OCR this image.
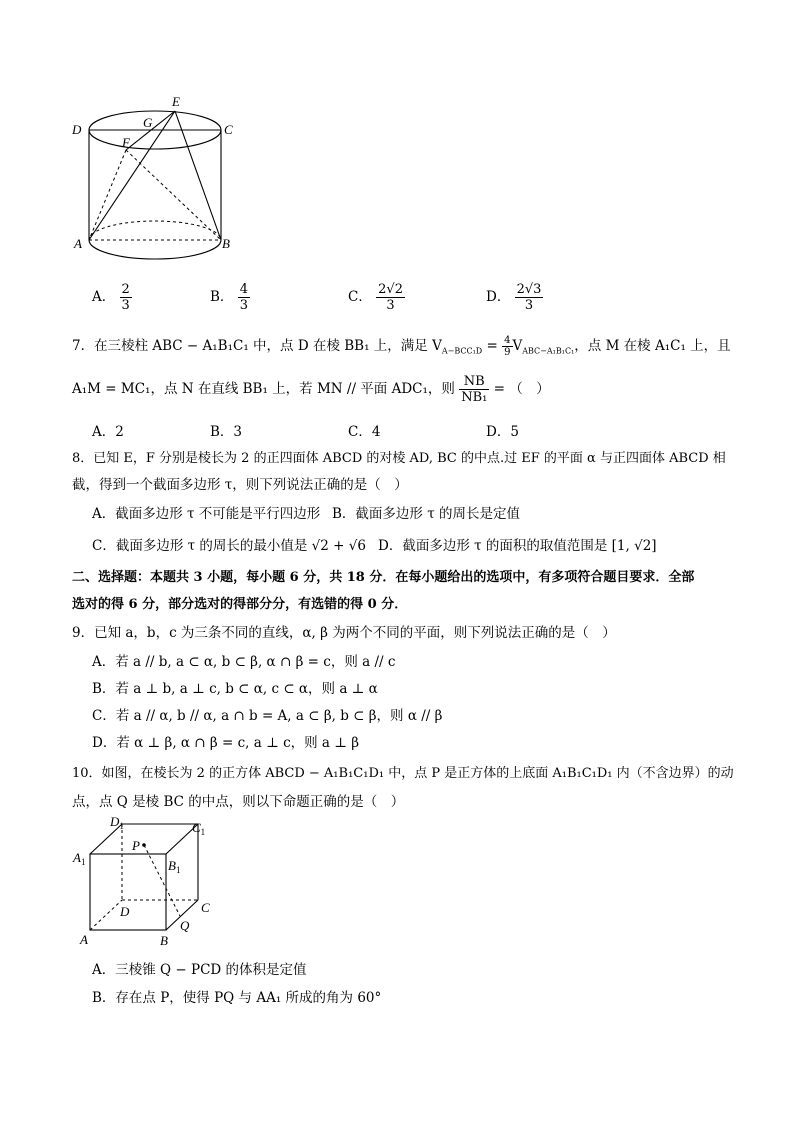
E
G
D	C
F
A	B
A． $\frac{2}{3}$	B． $\frac{4}{3}$	C． $\frac{2√2}{3}$	D． $\frac{2√3}{3}$
7．在三棱柱 ABC − A₁B₁C₁ 中，点 D 在棱 BB₁ 上，满足 $V_{A-BCC_1D} = \frac{4}{9} V_{ABC-A_1B_1C_1}$，点 M 在棱 A₁C₁ 上，且
A₁M = MC₁，点 N 在直线 BB₁ 上，若 MN // 平面 ADC₁，则 $\frac{NB}{\text{NB₁}}$ = （　）
A．2	B．3	C．4	D．5
8．已知 E，F 分别是棱长为 2 的正四面体 ABCD 的对棱 AD, BC 的中点.过 EF 的平面 α 与正四面体 ABCD 相
截，得到一个截面多边形 τ，则下列说法正确的是（　）
A．截面多边形 τ 不可能是平行四边形 B．截面多边形 τ 的周长是定值
C．截面多边形 τ 的周长的最小值是 √2 + √6 D．截面多边形 τ 的面积的取值范围是 [1, √2]
二、选择题：本题共 3 小题，每小题 6 分，共 18 分．在每小题给出的选项中，有多项符合题目要求．全部
选对的得 6 分，部分选对的得部分分，有选错的得 0 分．
9．已知 a，b，c 为三条不同的直线，α, β 为两个不同的平面，则下列说法正确的是（　）
A．若 a // b, a ⊂ α, b ⊂ β, α ∩ β = c，则 a // c
B．若 a ⊥ b, a ⊥ c, b ⊂ α, c ⊂ α，则 a ⊥ α
C．若 a // α, b // α, a ∩ b = A, a ⊂ β, b ⊂ β，则 α // β
D．若 α ⊥ β, α ∩ β = c, a ⊥ c，则 a ⊥ β
10．如图，在棱长为 2 的正方体 ABCD − A₁B₁C₁D₁ 中，点 P 是正方体的上底面 A₁B₁C₁D₁ 内（不含边界）的动
点，点 Q 是棱 BC 的中点，则以下命题正确的是（　）
$D_1$	$C_1$
$A_1$	$B_1$
P
D	C
A	B
Q
A．三棱锥 Q − PCD 的体积是定值
B．存在点 P，使得 PQ 与 AA₁ 所成的角为 60°
